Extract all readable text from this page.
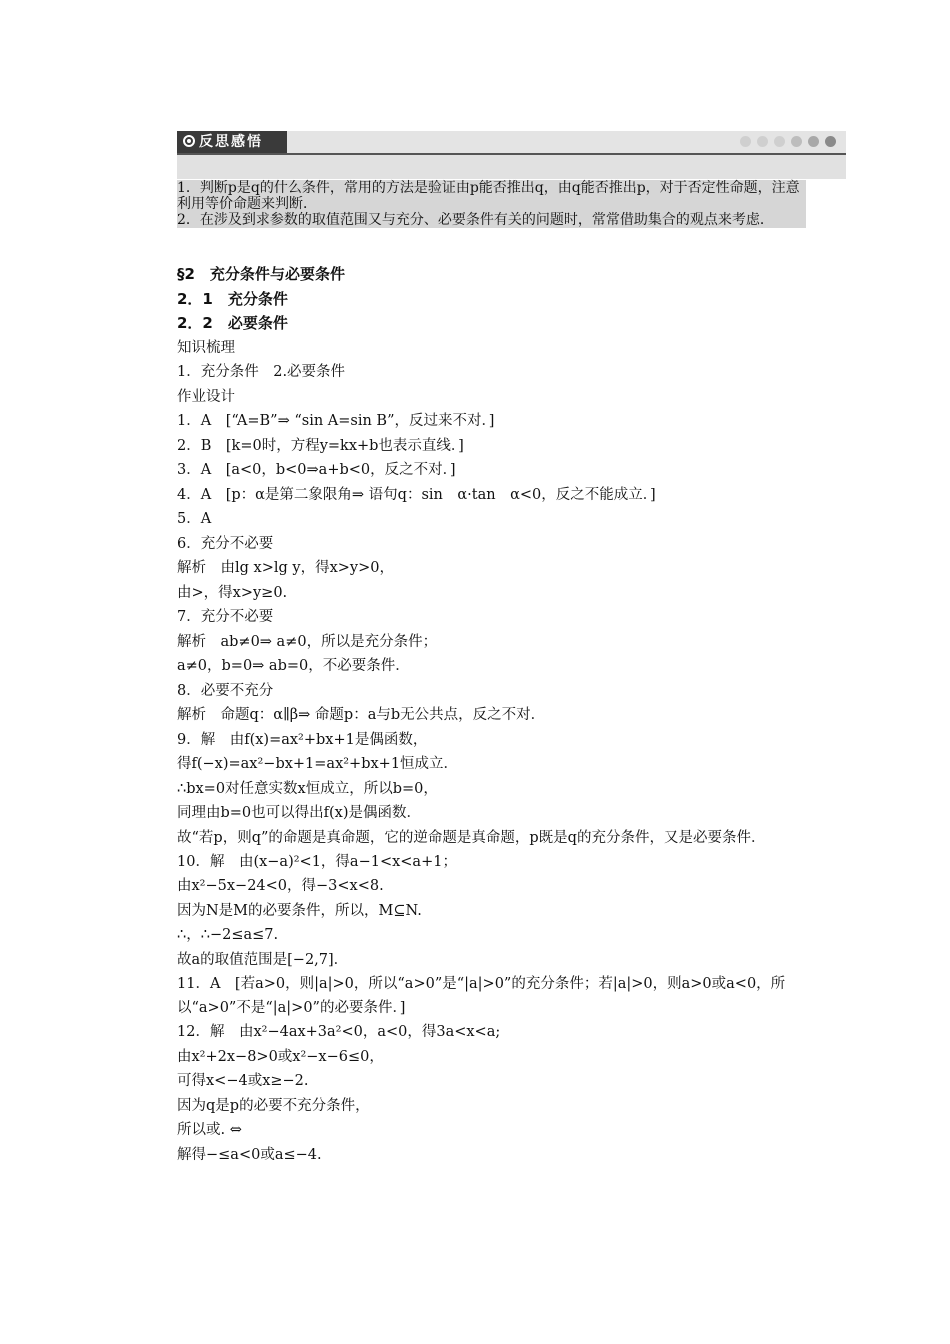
反思感悟

1．判断p是q的什么条件，常用的方法是验证由p能否推出q，由q能否推出p，对于否定性命题，注意利用等价命题来判断．

2．在涉及到求参数的取值范围又与充分、必要条件有关的问题时，常常借助集合的观点来考虑．

§2　充分条件与必要条件

2．1　充分条件

2．2　必要条件

知识梳理

1．充分条件　2.必要条件

作业设计

1．A　[“A=B”⇒ “sin A=sin B”，反过来不对．]

2．B　[k=0时，方程y=kx+b也表示直线．]

3．A　[a<0，b<0⇒a+b<0，反之不对．]

4．A　[p：α是第二象限角⇒ 语句q：sin　α·tan　α<0，反之不能成立．]

5．A

6．充分不必要

解析　由lg x>lg y，得x>y>0，

由>，得x>y≥0.

7．充分不必要

解析　ab≠0⇒ a≠0，所以是充分条件；

a≠0，b=0⇒ ab=0，不必要条件．

8．必要不充分

解析　命题q：α∥β⇒ 命题p：a与b无公共点，反之不对．

9．解　由f(x)=ax²+bx+1是偶函数，

得f(−x)=ax²−bx+1=ax²+bx+1恒成立．

∴bx=0对任意实数x恒成立，所以b=0，

同理由b=0也可以得出f(x)是偶函数．

故“若p，则q”的命题是真命题，它的逆命题是真命题，p既是q的充分条件，又是必要条件．

10．解　由(x−a)²<1，得a−1<x<a+1；

由x²−5x−24<0，得−3<x<8.

因为N是M的必要条件，所以，M⊆N.

∴，∴−2≤a≤7.

故a的取值范围是[−2,7]．

11．A　[若a>0，则|a|>0，所以“a>0”是“|a|>0”的充分条件；若|a|>0，则a>0或a<0，所　以“a>0”不是“|a|>0”的必要条件．]

12．解　由x²−4ax+3a²<0，a<0，得3a<x<a;

由x²+2x−8>0或x²−x−6≤0，

可得x<−4或x≥−2.

因为q是p的必要不充分条件，

所以或. ⇔

解得−≤a<0或a≤−4.
